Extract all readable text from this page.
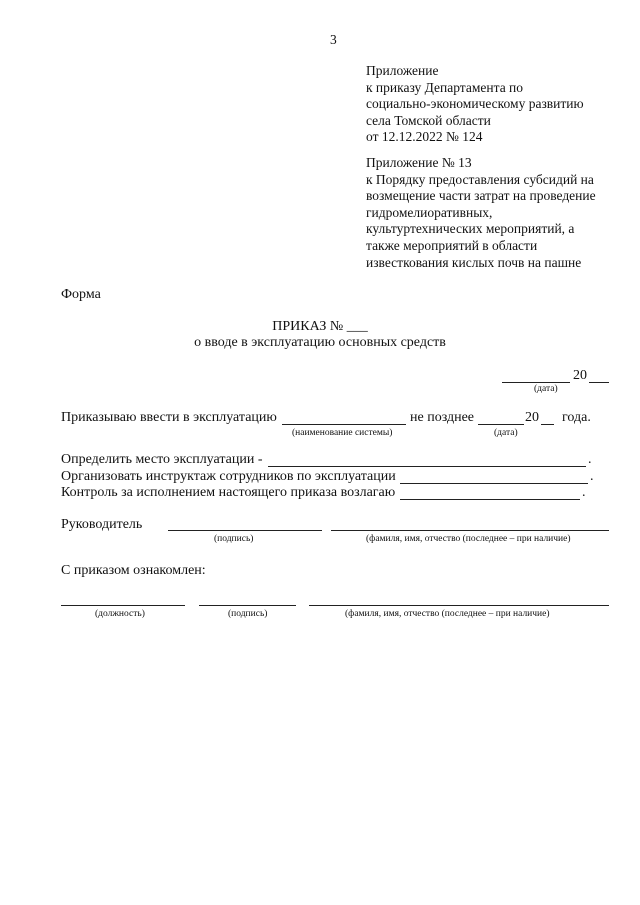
3
Приложение
к приказу Департамента по
социально-экономическому развитию
села Томской области
от 12.12.2022 № 124
Приложение № 13
к Порядку предоставления субсидий на
возмещение части затрат на проведение
гидромелиоративных,
культуртехнических мероприятий, а
также мероприятий в области
известкования кислых почв на пашне
Форма
ПРИКАЗ № ___
о вводе в эксплуатацию основных средств
20
(дата)
Приказываю ввести в эксплуатацию	не позднее	20 года.
(наименование системы)	(дата)
Определить место эксплуатации -	.
Организовать инструктаж сотрудников по эксплуатации	.
Контроль за исполнением настоящего приказа возлагаю	.
Руководитель
(подпись)	(фамиля, имя, отчество (последнее – при наличие)
С приказом ознакомлен:
(должность)	(подпись)	(фамиля, имя, отчество (последнее – при наличие)
